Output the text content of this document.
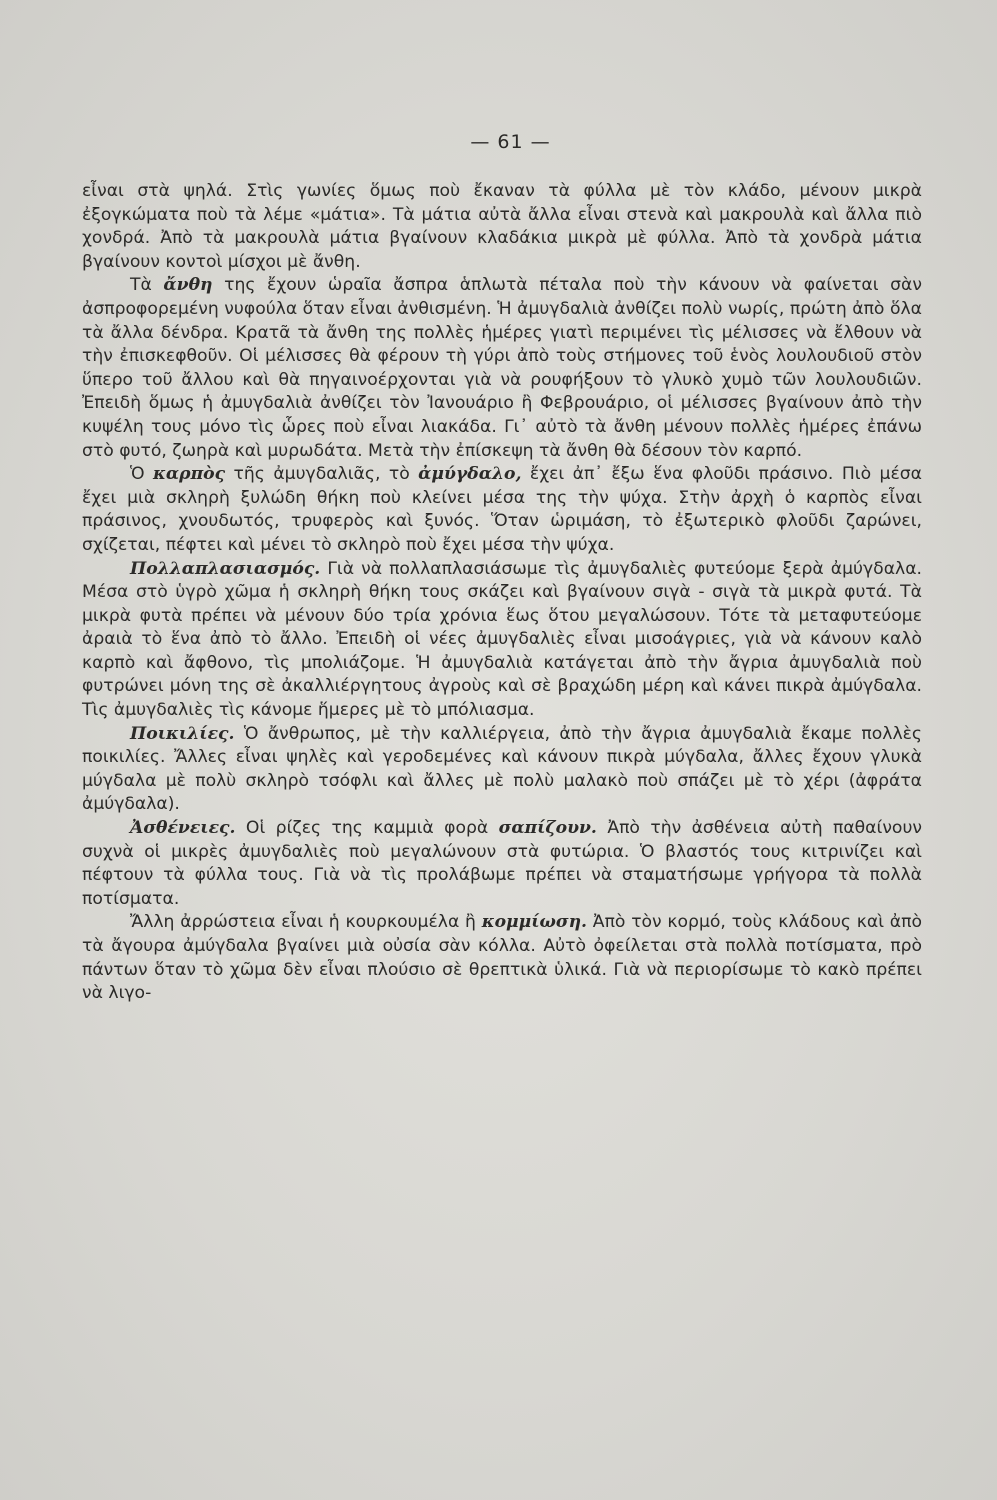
— 61 —

εἶναι στὰ ψηλά. Στὶς γωνίες ὅμως ποὺ ἔκαναν τὰ φύλλα μὲ τὸν κλάδο, μένουν μικρὰ ἐξογκώματα ποὺ τὰ λέμε «μάτια». Τὰ μάτια αὐτὰ ἄλλα εἶναι στενὰ καὶ μακρουλὰ καὶ ἄλλα πιὸ χονδρά. Ἀπὸ τὰ μακρουλὰ μάτια βγαίνουν κλαδάκια μικρὰ μὲ φύλλα. Ἀπὸ τὰ χονδρὰ μάτια βγαίνουν κοντοὶ μίσχοι μὲ ἄνθη.

Τὰ ἄνθη της ἔχουν ὡραῖα ἄσπρα ἁπλωτὰ πέταλα ποὺ τὴν κάνουν νὰ φαίνεται σὰν ἀσπροφορεμένη νυφούλα ὅταν εἶναι ἀνθισμένη. Ἡ ἀμυγδαλιὰ ἀνθίζει πολὺ νωρίς, πρώτη ἀπὸ ὅλα τὰ ἄλλα δένδρα. Κρατᾶ τὰ ἄνθη της πολλὲς ἡμέρες γιατὶ περιμένει τὶς μέλισσες νὰ ἔλθουν νὰ τὴν ἐπισκεφθοῦν. Οἱ μέλισσες θὰ φέρουν τὴ γύρι ἀπὸ τοὺς στήμονες τοῦ ἑνὸς λουλουδιοῦ στὸν ὕπερο τοῦ ἄλλου καὶ θὰ πηγαινοέρχονται γιὰ νὰ ρουφήξουν τὸ γλυκὸ χυμὸ τῶν λουλουδιῶν. Ἐπειδὴ ὅμως ἡ ἀμυγδαλιὰ ἀνθίζει τὸν Ἰανουάριο ἢ Φεβρουάριο, οἱ μέλισσες βγαίνουν ἀπὸ τὴν κυψέλη τους μόνο τὶς ὧρες ποὺ εἶναι λιακάδα. Γι᾿ αὐτὸ τὰ ἄνθη μένουν πολλὲς ἡμέρες ἐπάνω στὸ φυτό, ζωηρὰ καὶ μυρωδάτα. Μετὰ τὴν ἐπίσκεψη τὰ ἄνθη θὰ δέσουν τὸν καρπό.

Ὁ καρπὸς τῆς ἀμυγδαλιᾶς, τὸ ἀμύγδαλο, ἔχει ἀπ᾿ ἔξω ἕνα φλοῦδι πράσινο. Πιὸ μέσα ἔχει μιὰ σκληρὴ ξυλώδη θήκη ποὺ κλείνει μέσα της τὴν ψύχα. Στὴν ἀρχὴ ὁ καρπὸς εἶναι πράσινος, χνουδωτός, τρυφερὸς καὶ ξυνός. Ὅταν ὡριμάση, τὸ ἐξωτερικὸ φλοῦδι ζαρώνει, σχίζεται, πέφτει καὶ μένει τὸ σκληρὸ ποὺ ἔχει μέσα τὴν ψύχα.

Πολλαπλασιασμός. Γιὰ νὰ πολλαπλασιάσωμε τὶς ἀμυγδαλιὲς φυτεύομε ξερὰ ἀμύγδαλα. Μέσα στὸ ὑγρὸ χῶμα ἡ σκληρὴ θήκη τους σκάζει καὶ βγαίνουν σιγὰ - σιγὰ τὰ μικρὰ φυτά. Τὰ μικρὰ φυτὰ πρέπει νὰ μένουν δύο τρία χρόνια ἕως ὅτου μεγαλώσουν. Τότε τὰ μεταφυτεύομε ἀραιὰ τὸ ἕνα ἀπὸ τὸ ἄλλο. Ἐπειδὴ οἱ νέες ἀμυγδαλιὲς εἶναι μισοάγριες, γιὰ νὰ κάνουν καλὸ καρπὸ καὶ ἄφθονο, τὶς μπολιάζομε. Ἡ ἀμυγδαλιὰ κατάγεται ἀπὸ τὴν ἄγρια ἀμυγδαλιὰ ποὺ φυτρώνει μόνη της σὲ ἀκαλλιέργητους ἀγροὺς καὶ σὲ βραχώδη μέρη καὶ κάνει πικρὰ ἀμύγδαλα. Τὶς ἀμυγδαλιὲς τὶς κάνομε ἥμερες μὲ τὸ μπόλιασμα.

Ποικιλίες. Ὁ ἄνθρωπος, μὲ τὴν καλλιέργεια, ἀπὸ τὴν ἄγρια ἀμυγδαλιὰ ἔκαμε πολλὲς ποικιλίες. Ἄλλες εἶναι ψηλὲς καὶ γεροδεμένες καὶ κάνουν πικρὰ μύγδαλα, ἄλλες ἔχουν γλυκὰ μύγδαλα μὲ πολὺ σκληρὸ τσόφλι καὶ ἄλλες μὲ πολὺ μαλακὸ ποὺ σπάζει μὲ τὸ χέρι (ἀφράτα ἀμύγδαλα).

Ἀσθένειες. Οἱ ρίζες της καμμιὰ φορὰ σαπίζουν. Ἀπὸ τὴν ἀσθένεια αὐτὴ παθαίνουν συχνὰ οἱ μικρὲς ἀμυγδαλιὲς ποὺ μεγαλώνουν στὰ φυτώρια. Ὁ βλαστός τους κιτρινίζει καὶ πέφτουν τὰ φύλλα τους. Γιὰ νὰ τὶς προλάβωμε πρέπει νὰ σταματήσωμε γρήγορα τὰ πολλὰ ποτίσματα.

Ἄλλη ἀρρώστεια εἶναι ἡ κουρκουμέλα ἢ κομμίωση. Ἀπὸ τὸν κορμό, τοὺς κλάδους καὶ ἀπὸ τὰ ἄγουρα ἀμύγδαλα βγαίνει μιὰ οὐσία σὰν κόλλα. Αὐτὸ ὀφείλεται στὰ πολλὰ ποτίσματα, πρὸ πάντων ὅταν τὸ χῶμα δὲν εἶναι πλούσιο σὲ θρεπτικὰ ὑλικά. Γιὰ νὰ περιορίσωμε τὸ κακὸ πρέπει νὰ λιγο-
